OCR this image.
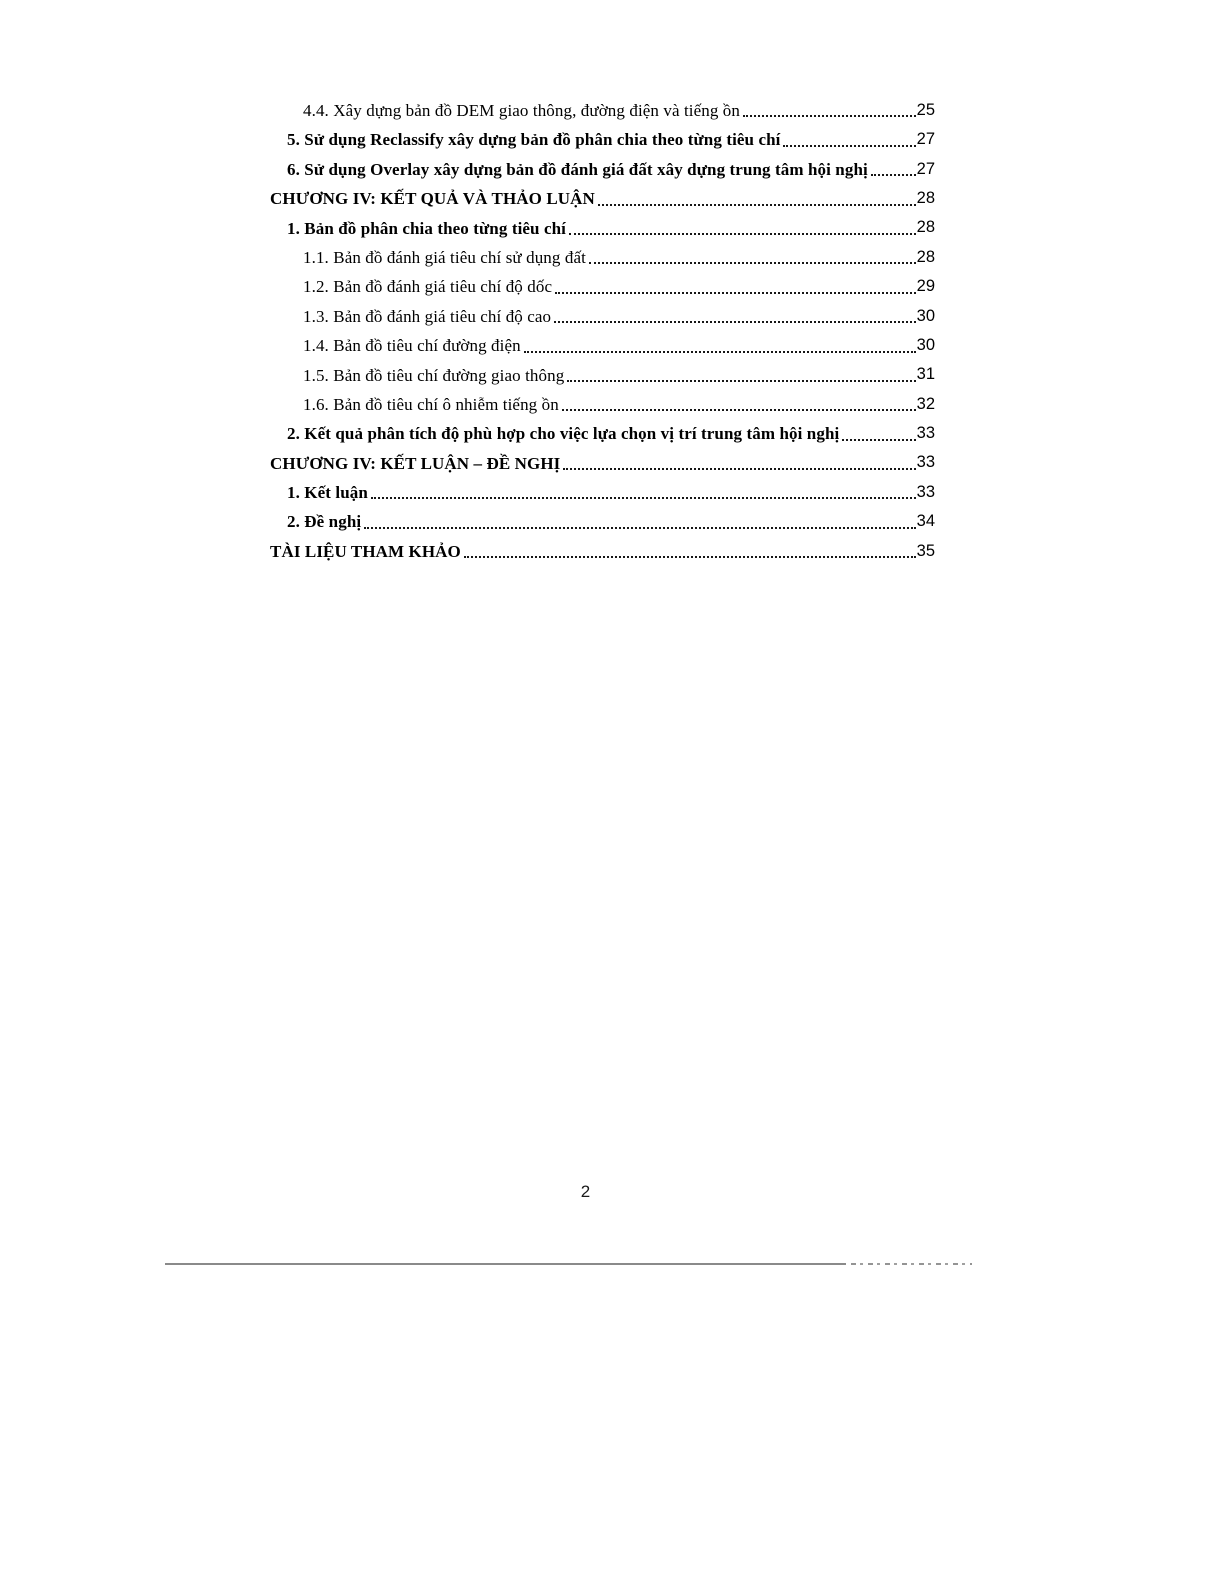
4.4. Xây dựng bản đồ DEM giao thông, đường điện và tiếng ồn	25
5. Sử dụng Reclassify xây dựng bản đồ phân chia theo từng tiêu chí	27
6. Sử dụng Overlay xây dựng bản đồ đánh giá đất xây dựng trung tâm hội nghị	27
CHƯƠNG IV: KẾT QUẢ VÀ THẢO LUẬN	28
1. Bản đồ phân chia theo từng tiêu chí	28
1.1. Bản đồ đánh giá tiêu chí sử dụng đất	28
1.2. Bản đồ đánh giá tiêu chí độ dốc	29
1.3. Bản đồ đánh giá tiêu chí độ cao	30
1.4. Bản đồ tiêu chí đường điện	30
1.5. Bản đồ tiêu chí đường giao thông	31
1.6. Bản đồ tiêu chí ô nhiễm tiếng ồn	32
2. Kết quả phân tích độ phù hợp cho việc lựa chọn vị trí trung tâm hội nghị	33
CHƯƠNG IV: KẾT LUẬN – ĐỀ NGHỊ	33
1. Kết luận	33
2. Đề nghị	34
TÀI LIỆU THAM KHẢO	35
2
